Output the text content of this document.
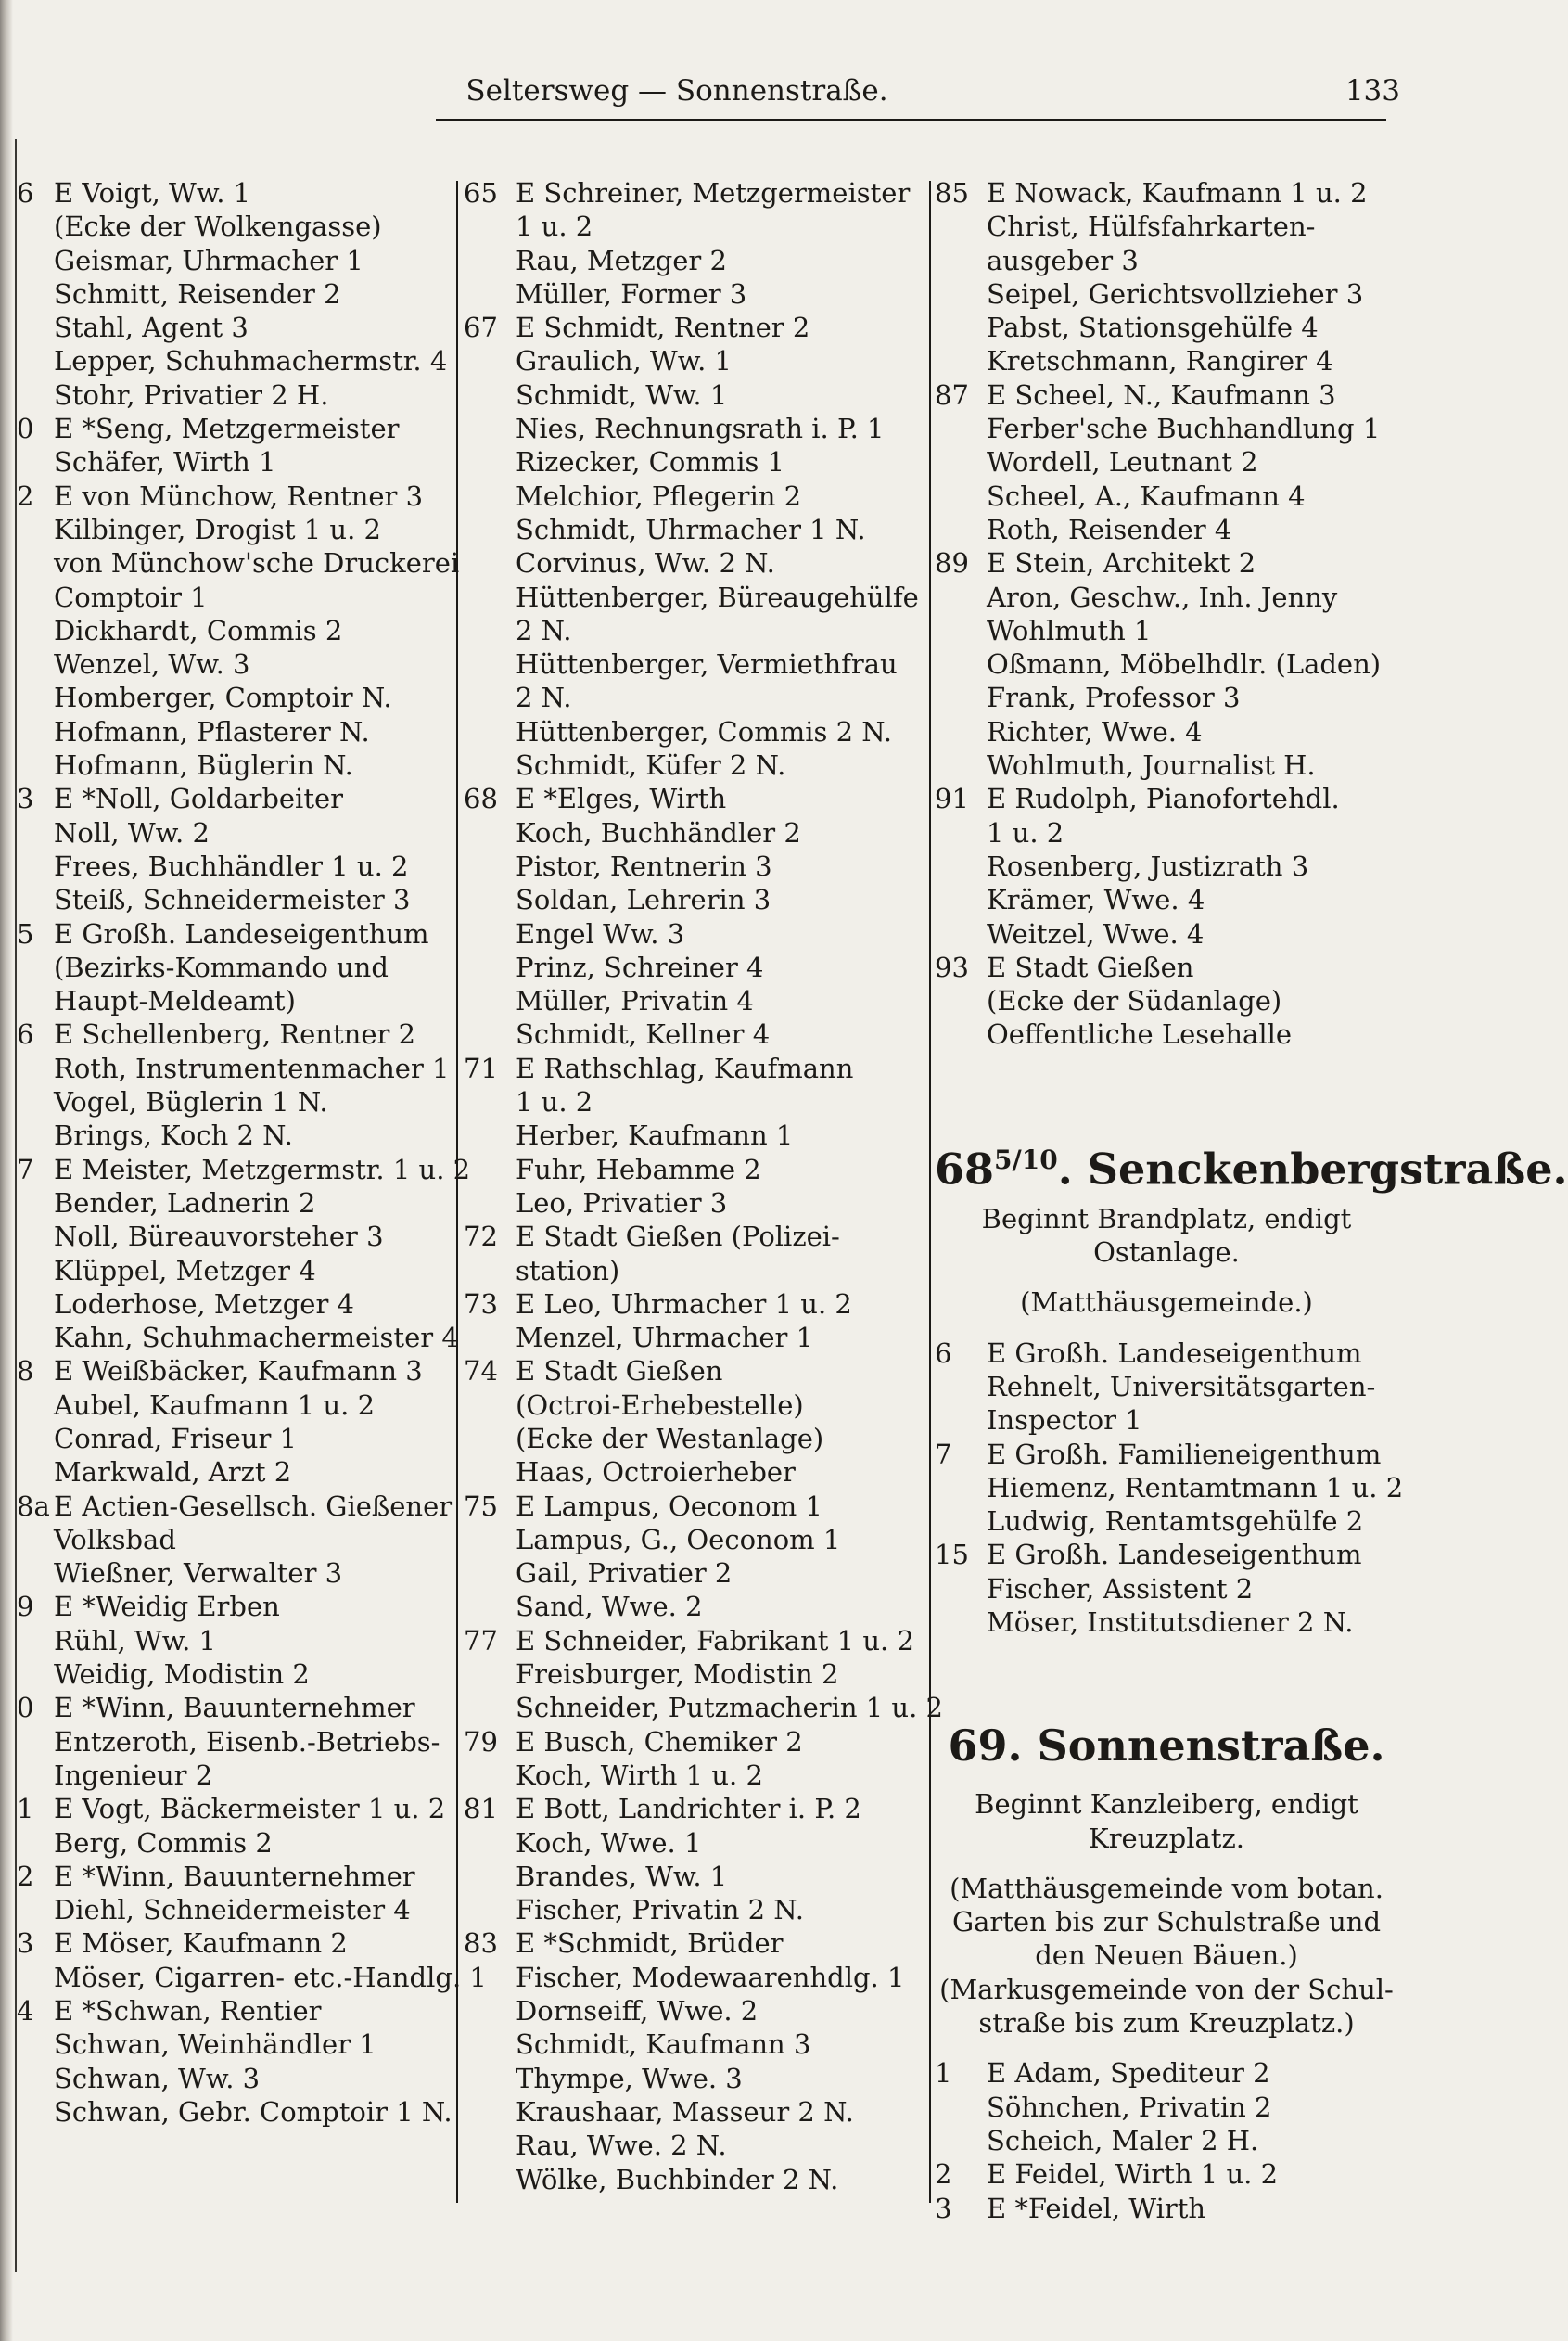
Seltersweg — Sonnenstraße.	133
6 E Voigt, Ww. 1
(Ecke der Wolkengasse)
Geismar, Uhrmacher 1
Schmitt, Reisender 2
Stahl, Agent 3
Lepper, Schuhmachermstr. 4
Stohr, Privatier 2 H.
0 E *Seng, Metzgermeister
Schäfer, Wirth 1
2 E von Münchow, Rentner 3
Kilbinger, Drogist 1 u. 2
von Münchow'sche Druckerei
Comptoir 1
Dickhardt, Commis 2
Wenzel, Ww. 3
Homberger, Comptoir N.
Hofmann, Pflasterer N.
Hofmann, Büglerin N.
3 E *Noll, Goldarbeiter
Noll, Ww. 2
Frees, Buchhändler 1 u. 2
Steiß, Schneidermeister 3
5 E Großh. Landeseigenthum
(Bezirks-Kommando und
Haupt-Meldeamt)
6 E Schellenberg, Rentner 2
Roth, Instrumentenmacher 1
Vogel, Büglerin 1 N.
Brings, Koch 2 N.
7 E Meister, Metzgermstr. 1 u. 2
Bender, Ladnerin 2
Noll, Büreauvorsteher 3
Klüppel, Metzger 4
Loderhose, Metzger 4
Kahn, Schuhmachermeister 4
8 E Weißbäcker, Kaufmann 3
Aubel, Kaufmann 1 u. 2
Conrad, Friseur 1
Markwald, Arzt 2
8a E Actien-Gesellsch. Gießener
Volksbad
Wießner, Verwalter 3
9 E *Weidig Erben
Rühl, Ww. 1
Weidig, Modistin 2
0 E *Winn, Bauunternehmer
Entzeroth, Eisenb.-Betriebs-
Ingenieur 2
1 E Vogt, Bäckermeister 1 u. 2
Berg, Commis 2
2 E *Winn, Bauunternehmer
Diehl, Schneidermeister 4
3 E Möser, Kaufmann 2
Möser, Cigarren- etc.-Handlg. 1
4 E *Schwan, Rentier
Schwan, Weinhändler 1
Schwan, Ww. 3
Schwan, Gebr. Comptoir 1 N.
65 E Schreiner, Metzgermeister
1 u. 2
Rau, Metzger 2
Müller, Former 3
67 E Schmidt, Rentner 2
Graulich, Ww. 1
Schmidt, Ww. 1
Nies, Rechnungsrath i. P. 1
Rizecker, Commis 1
Melchior, Pflegerin 2
Schmidt, Uhrmacher 1 N.
Corvinus, Ww. 2 N.
Hüttenberger, Büreaugehülfe
2 N.
Hüttenberger, Vermiethfrau
2 N.
Hüttenberger, Commis 2 N.
Schmidt, Küfer 2 N.
68 E *Elges, Wirth
Koch, Buchhändler 2
Pistor, Rentnerin 3
Soldan, Lehrerin 3
Engel Ww. 3
Prinz, Schreiner 4
Müller, Privatin 4
Schmidt, Kellner 4
71 E Rathschlag, Kaufmann
1 u. 2
Herber, Kaufmann 1
Fuhr, Hebamme 2
Leo, Privatier 3
72 E Stadt Gießen (Polizei-
station)
73 E Leo, Uhrmacher 1 u. 2
Menzel, Uhrmacher 1
74 E Stadt Gießen
(Octroi-Erhebestelle)
(Ecke der Westanlage)
Haas, Octroierheber
75 E Lampus, Oeconom 1
Lampus, G., Oeconom 1
Gail, Privatier 2
Sand, Wwe. 2
77 E Schneider, Fabrikant 1 u. 2
Freisburger, Modistin 2
Schneider, Putzmacherin 1 u. 2
79 E Busch, Chemiker 2
Koch, Wirth 1 u. 2
81 E Bott, Landrichter i. P. 2
Koch, Wwe. 1
Brandes, Ww. 1
Fischer, Privatin 2 N.
83 E *Schmidt, Brüder
Fischer, Modewaarenhdlg. 1
Dornseiff, Wwe. 2
Schmidt, Kaufmann 3
Thympe, Wwe. 3
Kraushaar, Masseur 2 N.
Rau, Wwe. 2 N.
Wölke, Buchbinder 2 N.
85 E Nowack, Kaufmann 1 u. 2
Christ, Hülfsfahrkarten-
ausgeber 3
Seipel, Gerichtsvollzieher 3
Pabst, Stationsgehülfe 4
Kretschmann, Rangirer 4
87 E Scheel, N., Kaufmann 3
Ferber'sche Buchhandlung 1
Wordell, Leutnant 2
Scheel, A., Kaufmann 4
Roth, Reisender 4
89 E Stein, Architekt 2
Aron, Geschw., Inh. Jenny
Wohlmuth 1
Oßmann, Möbelhdlr. (Laden)
Frank, Professor 3
Richter, Wwe. 4
Wohlmuth, Journalist H.
91 E Rudolph, Pianofortehdl.
1 u. 2
Rosenberg, Justizrath 3
Krämer, Wwe. 4
Weitzel, Wwe. 4
93 E Stadt Gießen
(Ecke der Südanlage)
Oeffentliche Lesehalle
$68^{5/10}$. Senckenbergstraße.
Beginnt Brandplatz, endigt
Ostanlage.
(Matthäusgemeinde.)
6 E Großh. Landeseigenthum
Rehnelt, Universitätsgarten-
Inspector 1
7 E Großh. Familieneigenthum
Hiemenz, Rentamtmann 1 u. 2
Ludwig, Rentamtsgehülfe 2
15 E Großh. Landeseigenthum
Fischer, Assistent 2
Möser, Institutsdiener 2 N.
69. Sonnenstraße.
Beginnt Kanzleiberg, endigt
Kreuzplatz.
(Matthäusgemeinde vom botan.
Garten bis zur Schulstraße und
den Neuen Bäuen.)
(Markusgemeinde von der Schul-
straße bis zum Kreuzplatz.)
1 E Adam, Spediteur 2
Söhnchen, Privatin 2
Scheich, Maler 2 H.
2 E Feidel, Wirth 1 u. 2
3 E *Feidel, Wirth
